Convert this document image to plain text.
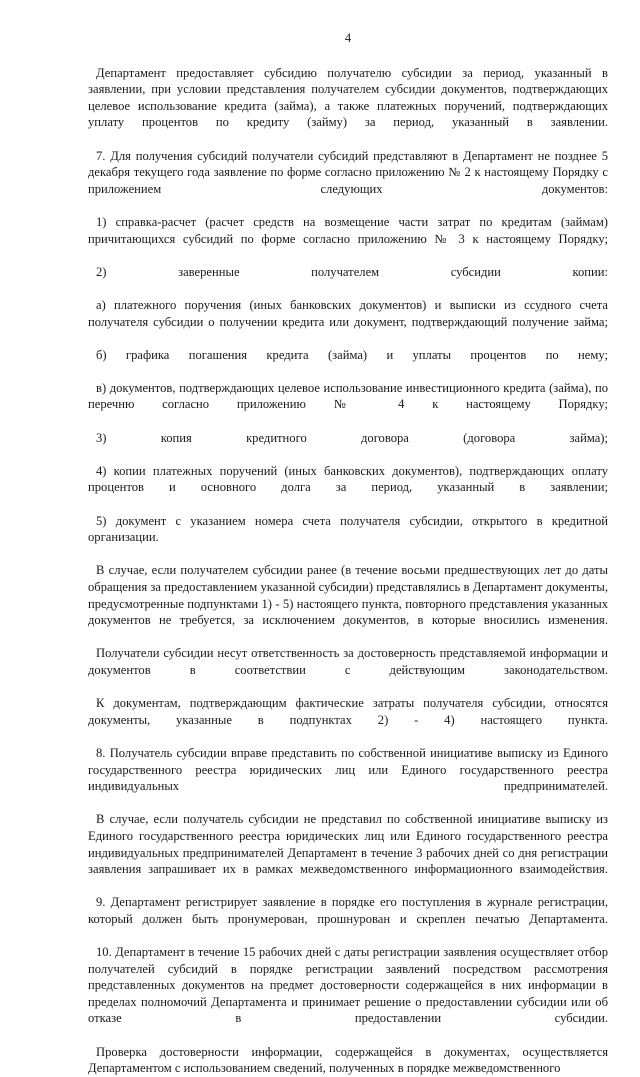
4

Департамент предоставляет субсидию получателю субсидии за период, указанный в заявлении, при условии представления получателем субсидии документов, подтверждающих целевое использование кредита (займа), а также платежных поручений, подтверждающих уплату процентов по кредиту (займу) за период, указанный в заявлении.

7. Для получения субсидий получатели субсидий представляют в Департамент не позднее 5 декабря текущего года заявление по форме согласно приложению № 2 к настоящему Порядку с приложением следующих документов:

1) справка-расчет (расчет средств на возмещение части затрат по кредитам (займам) причитающихся субсидий по форме согласно приложению № 3 к настоящему Порядку;

2) заверенные получателем субсидии копии:

а) платежного поручения (иных банковских документов) и выписки из ссудного счета получателя субсидии о получении кредита или документ, подтверждающий получение займа;

б) графика погашения кредита (займа) и уплаты процентов по нему;

в) документов, подтверждающих целевое использование инвестиционного кредита (займа), по перечню согласно приложению № 4 к настоящему Порядку;

3) копия кредитного договора (договора займа);

4) копии платежных поручений (иных банковских документов), подтверждающих оплату процентов и основного долга за период, указанный в заявлении;

5) документ с указанием номера счета получателя субсидии, открытого в кредитной организации.

В случае, если получателем субсидии ранее (в течение восьми предшествующих лет до даты обращения за предоставлением указанной субсидии) представлялись в Департамент документы, предусмотренные подпунктами 1) - 5) настоящего пункта, повторного представления указанных документов не требуется, за исключением документов, в которые вносились изменения.

Получатели субсидии несут ответственность за достоверность представляемой информации и документов в соответствии с действующим законодательством.

К документам, подтверждающим фактические затраты получателя субсидии, относятся документы, указанные в подпунктах 2) - 4) настоящего пункта.

8. Получатель субсидии вправе представить по собственной инициативе выписку из Единого государственного реестра юридических лиц или Единого государственного реестра индивидуальных предпринимателей.

В случае, если получатель субсидии не представил по собственной инициативе выписку из Единого государственного реестра юридических лиц или Единого государственного реестра индивидуальных предпринимателей Департамент в течение 3 рабочих дней со дня регистрации заявления запрашивает их в рамках межведомственного информационного взаимодействия.

9. Департамент регистрирует заявление в порядке его поступления в журнале регистрации, который должен быть пронумерован, прошнурован и скреплен печатью Департамента.

10. Департамент в течение 15 рабочих дней с даты регистрации заявления осуществляет отбор получателей субсидий в порядке регистрации заявлений посредством рассмотрения представленных документов на предмет достоверности содержащейся в них информации в пределах полномочий Департамента и принимает решение о предоставлении субсидии или об отказе в предоставлении субсидии.

Проверка достоверности информации, содержащейся в документах, осуществляется Департаментом с использованием сведений, полученных в порядке межведомственного
